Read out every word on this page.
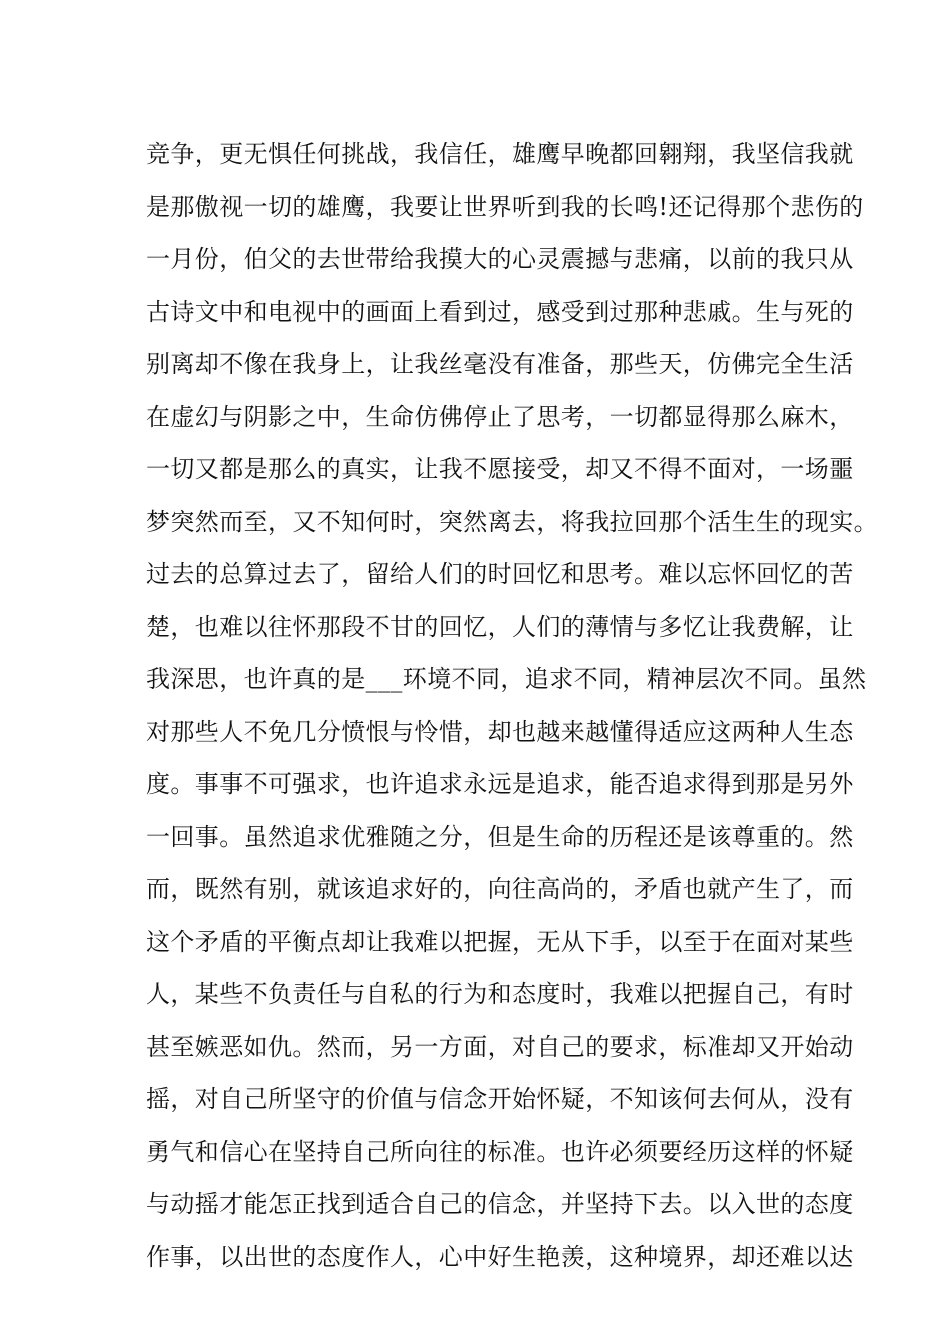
竞争，更无惧任何挑战，我信任，雄鹰早晚都回翱翔，我坚信我就
是那傲视一切的雄鹰，我要让世界听到我的长鸣!还记得那个悲伤的
一月份，伯父的去世带给我摸大的心灵震撼与悲痛，以前的我只从
古诗文中和电视中的画面上看到过，感受到过那种悲戚。生与死的
别离却不像在我身上，让我丝毫没有准备，那些天，仿佛完全生活
在虚幻与阴影之中，生命仿佛停止了思考，一切都显得那么麻木，
一切又都是那么的真实，让我不愿接受，却又不得不面对，一场噩
梦突然而至，又不知何时，突然离去，将我拉回那个活生生的现实。
过去的总算过去了，留给人们的时回忆和思考。难以忘怀回忆的苦
楚，也难以往怀那段不甘的回忆，人们的薄情与多忆让我费解，让
我深思，也许真的是___环境不同，追求不同，精神层次不同。虽然
对那些人不免几分愤恨与怜惜，却也越来越懂得适应这两种人生态
度。事事不可强求，也许追求永远是追求，能否追求得到那是另外
一回事。虽然追求优雅随之分，但是生命的历程还是该尊重的。然
而，既然有别，就该追求好的，向往高尚的，矛盾也就产生了，而
这个矛盾的平衡点却让我难以把握，无从下手，以至于在面对某些
人，某些不负责任与自私的行为和态度时，我难以把握自己，有时
甚至嫉恶如仇。然而，另一方面，对自己的要求，标准却又开始动
摇，对自己所坚守的价值与信念开始怀疑，不知该何去何从，没有
勇气和信心在坚持自己所向往的标准。也许必须要经历这样的怀疑
与动摇才能怎正找到适合自己的信念，并坚持下去。以入世的态度
作事，以出世的态度作人，心中好生艳羡，这种境界，却还难以达
